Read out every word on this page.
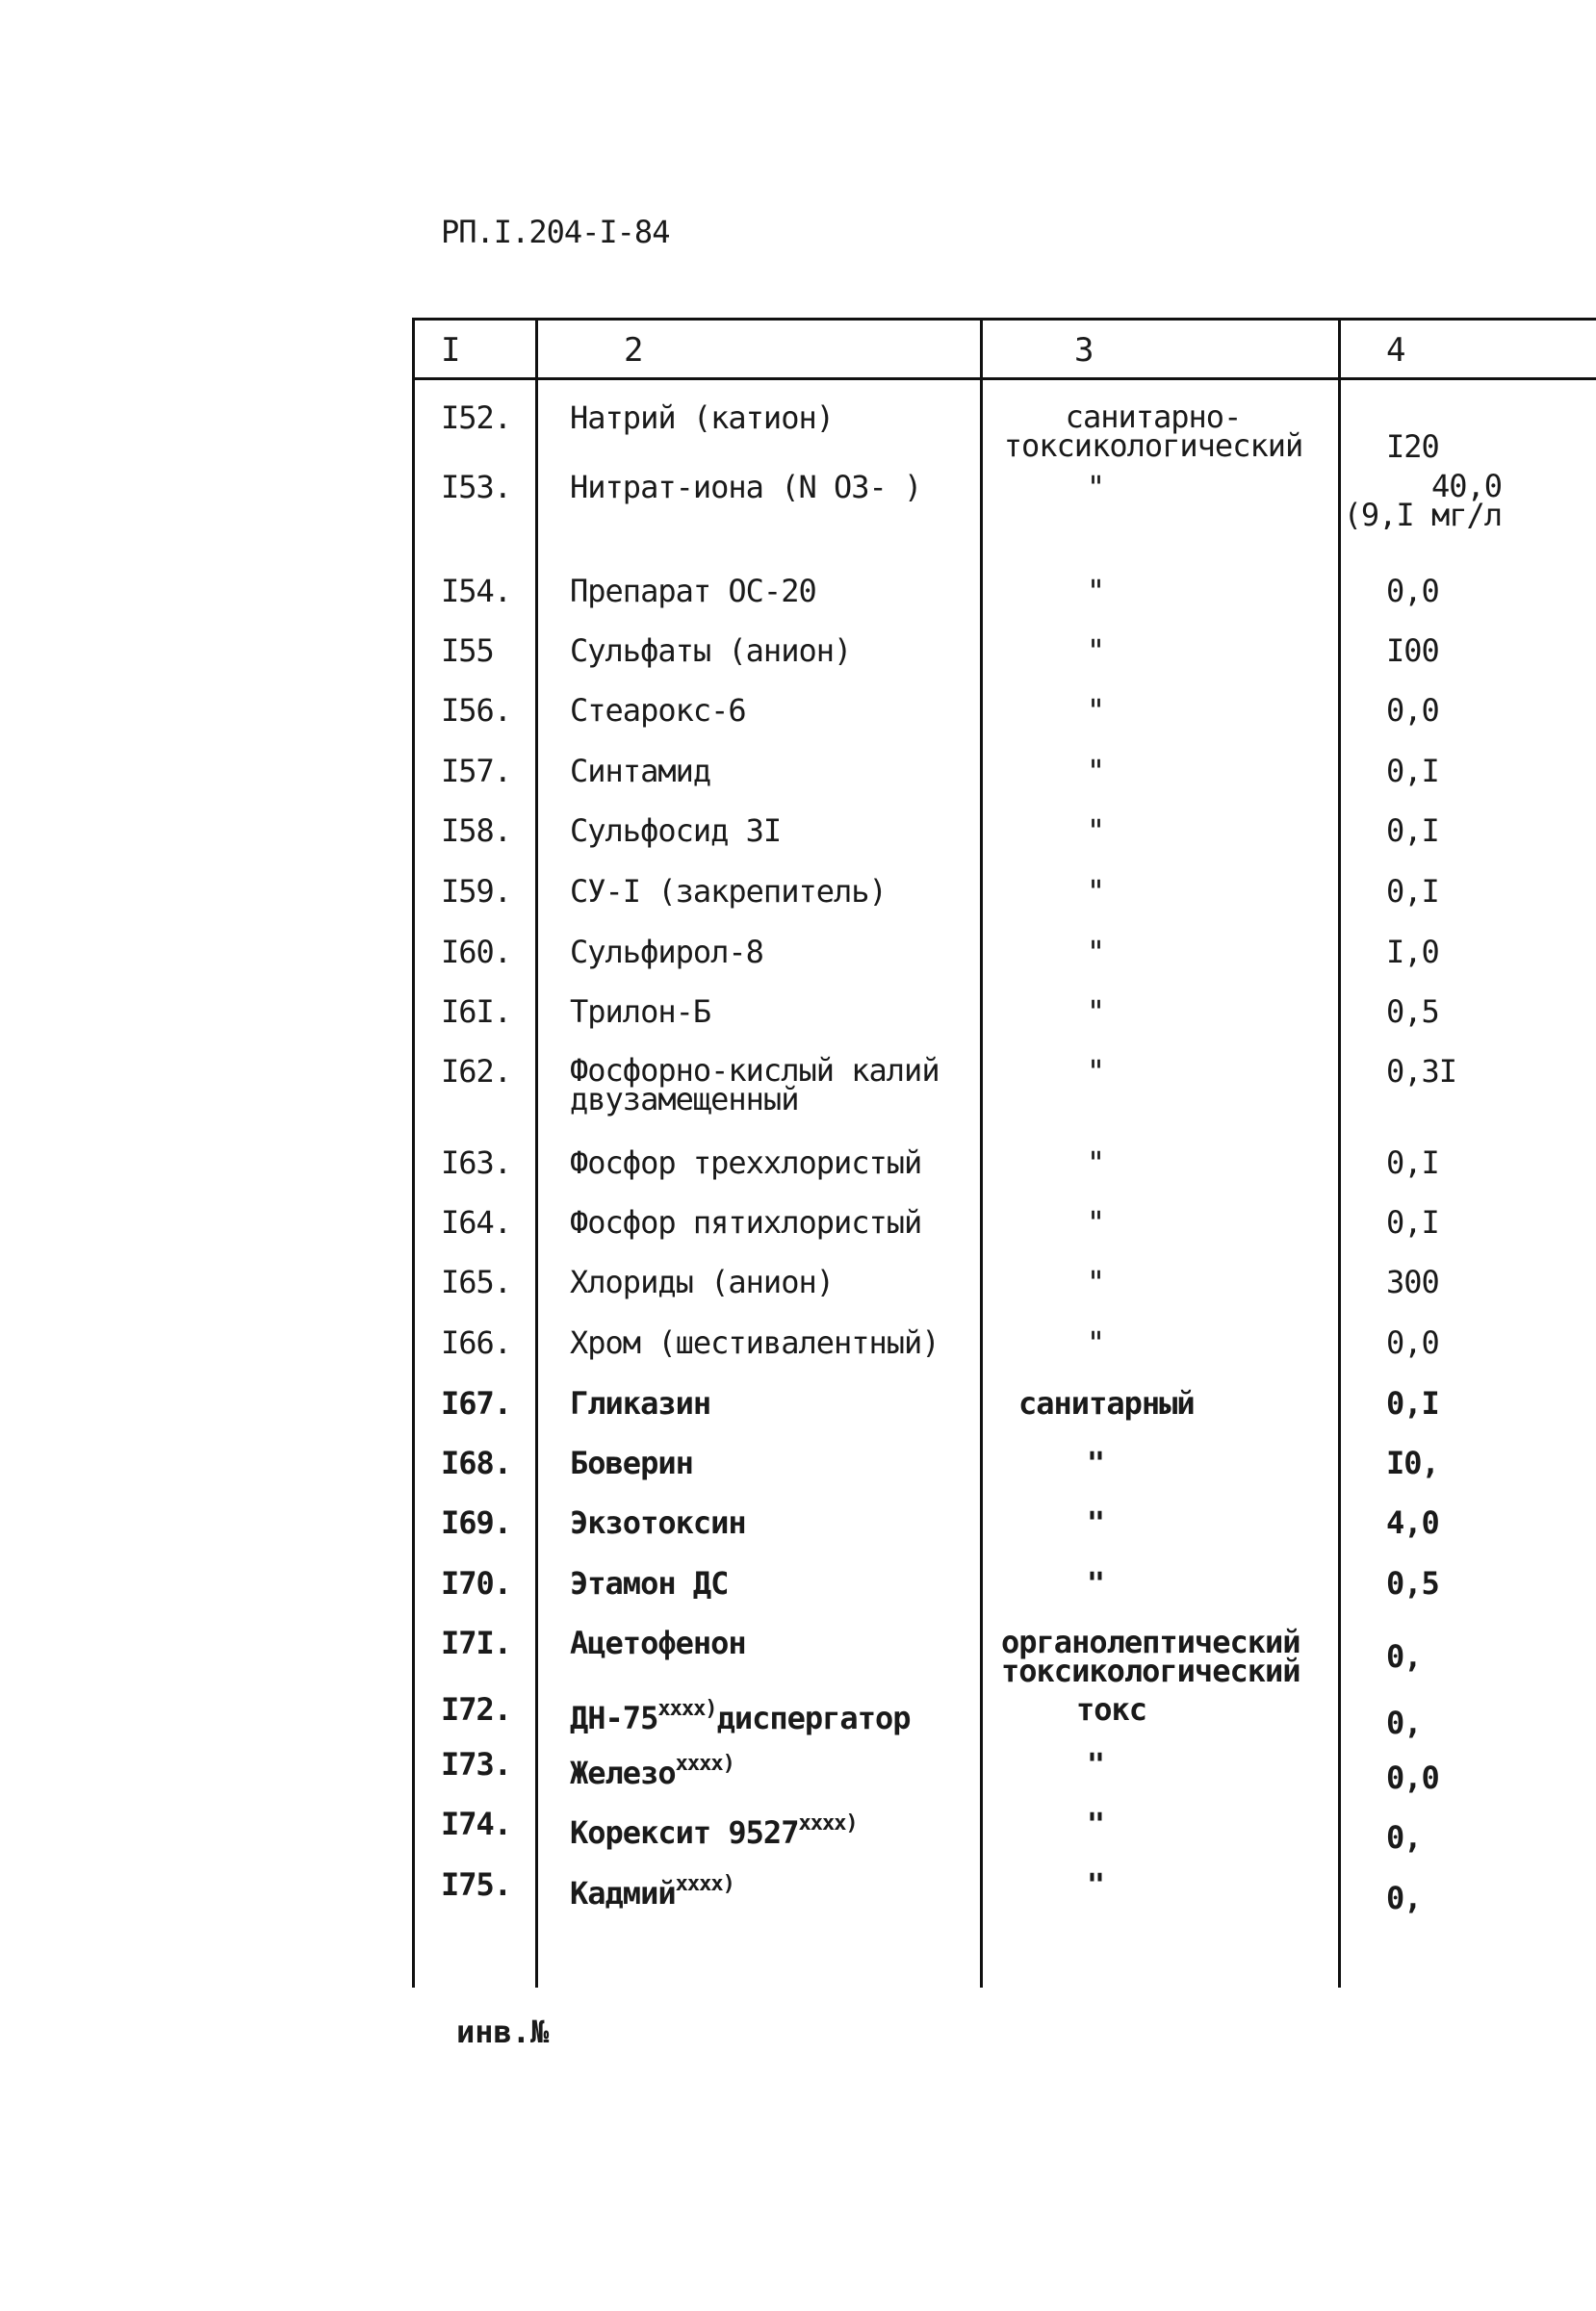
РП.I.204-I-84
I	2	3	4
I52. Натрий (катион)	санитарно-
токсикологический	I20
I53. Нитрат-иона (N O3- )	"	40,0
(9,I мг/л
I54. Препарат ОС-20	"	0,0
I55 Сульфаты (анион)	"	I00
I56. Стеарокс-6	"	0,0
I57. Синтамид	"	0,I
I58. Сульфосид 3I	"	0,I
I59. СУ-I (закрепитель)	"	0,I
I60. Сульфирол-8	"	I,0
I6I. Трилон-Б	"	0,5
I62. Фосфорно-кислый калий
двузамещенный
"	0,3I
I63. Фосфор треххлористый	"	0,I
I64. Фосфор пятихлористый	"	0,I
I65. Хлориды (анион)	"	300
I66. Хром (шестивалентный)	"	0,0
I67. Гликазин	санитарный	0,I
I68. Боверин	"	I0,
I69. Экзотоксин	"	4,0
I70. Этамон ДС	"	0,5
I7I. Ацетофенон	органолептический
токсикологический	0,
I72. ДН-75$^{xxxx)}$диспергатор	токс	0,
I73. Железо$^{xxxx)}$	"	0,0
I74. Корексит 9527$^{xxxx)}$	"	0,
I75. Кадмий$^{xxxx)}$	"	0,
инв.№
